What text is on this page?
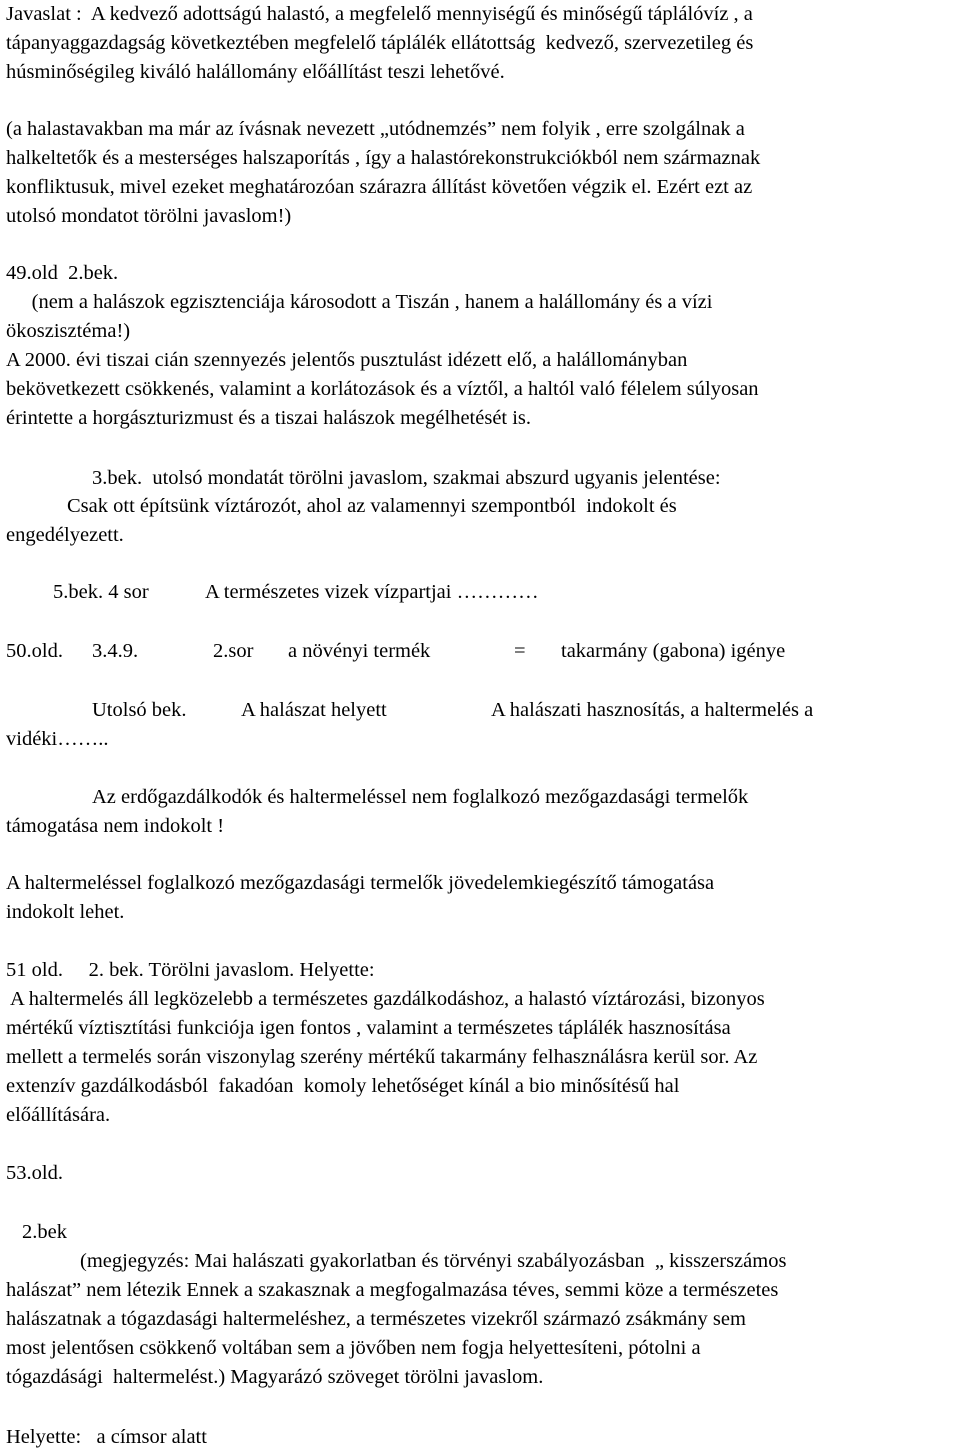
Javaslat :  A kedvező adottságú halastó, a megfelelő mennyiségű és minőségű táplálóvíz , a
tápanyaggazdagság következtében megfelelő táplálék ellátottság  kedvező, szervezetileg és
húsminőségileg kiváló halállomány előállítást teszi lehetővé.
(a halastavakban ma már az ívásnak nevezett „utódnemzés” nem folyik , erre szolgálnak a
halkeltetők és a mesterséges halszaporítás , így a halastórekonstrukciókból nem származnak
konfliktusuk, mivel ezeket meghatározóan szárazra állítást követően végzik el. Ezért ezt az
utolsó mondatot törölni javaslom!)
49.old  2.bek.
(nem a halászok egzisztenciája károsodott a Tiszán , hanem a halállomány és a vízi
ökoszisztéma!)
A 2000. évi tiszai cián szennyezés jelentős pusztulást idézett elő, a halállományban
bekövetkezett csökkenés, valamint a korlátozások és a víztől, a haltól való félelem súlyosan
érintette a horgászturizmust és a tiszai halászok megélhetését is.
3.bek.  utolsó mondatát törölni javaslom, szakmai abszurd ugyanis jelentése:
Csak ott építsünk víztározót, ahol az valamennyi szempontból  indokolt és
engedélyezett.
5.bek. 4 sor	A természetes vizek vízpartjai …………
50.old. 3.4.9.	2.sor a növényi termék	= takarmány (gabona) igénye
Utolsó bek.	A halászat helyett	A halászati hasznosítás, a haltermelés a
vidéki……..
Az erdőgazdálkodók és haltermeléssel nem foglalkozó mezőgazdasági termelők
támogatása nem indokolt !
A haltermeléssel foglalkozó mezőgazdasági termelők jövedelemkiegészítő támogatása
indokolt lehet.
51 old.     2. bek. Törölni javaslom. Helyette:
A haltermelés áll legközelebb a természetes gazdálkodáshoz, a halastó víztározási, bizonyos
mértékű víztisztítási funkciója igen fontos , valamint a természetes táplálék hasznosítása
mellett a termelés során viszonylag szerény mértékű takarmány felhasználásra kerül sor. Az
extenzív gazdálkodásból  fakadóan  komoly lehetőséget kínál a bio minősítésű hal
előállítására.
53.old.
2.bek
(megjegyzés: Mai halászati gyakorlatban és törvényi szabályozásban  „ kisszerszámos
halászat” nem létezik Ennek a szakasznak a megfogalmazása téves, semmi köze a természetes
halászatnak a tógazdasági haltermeléshez, a természetes vizekről származó zsákmány sem
most jelentősen csökkenő voltában sem a jövőben nem fogja helyettesíteni, pótolni a
tógazdásági  haltermelést.) Magyarázó szöveget törölni javaslom.
Helyette:   a címsor alatt
